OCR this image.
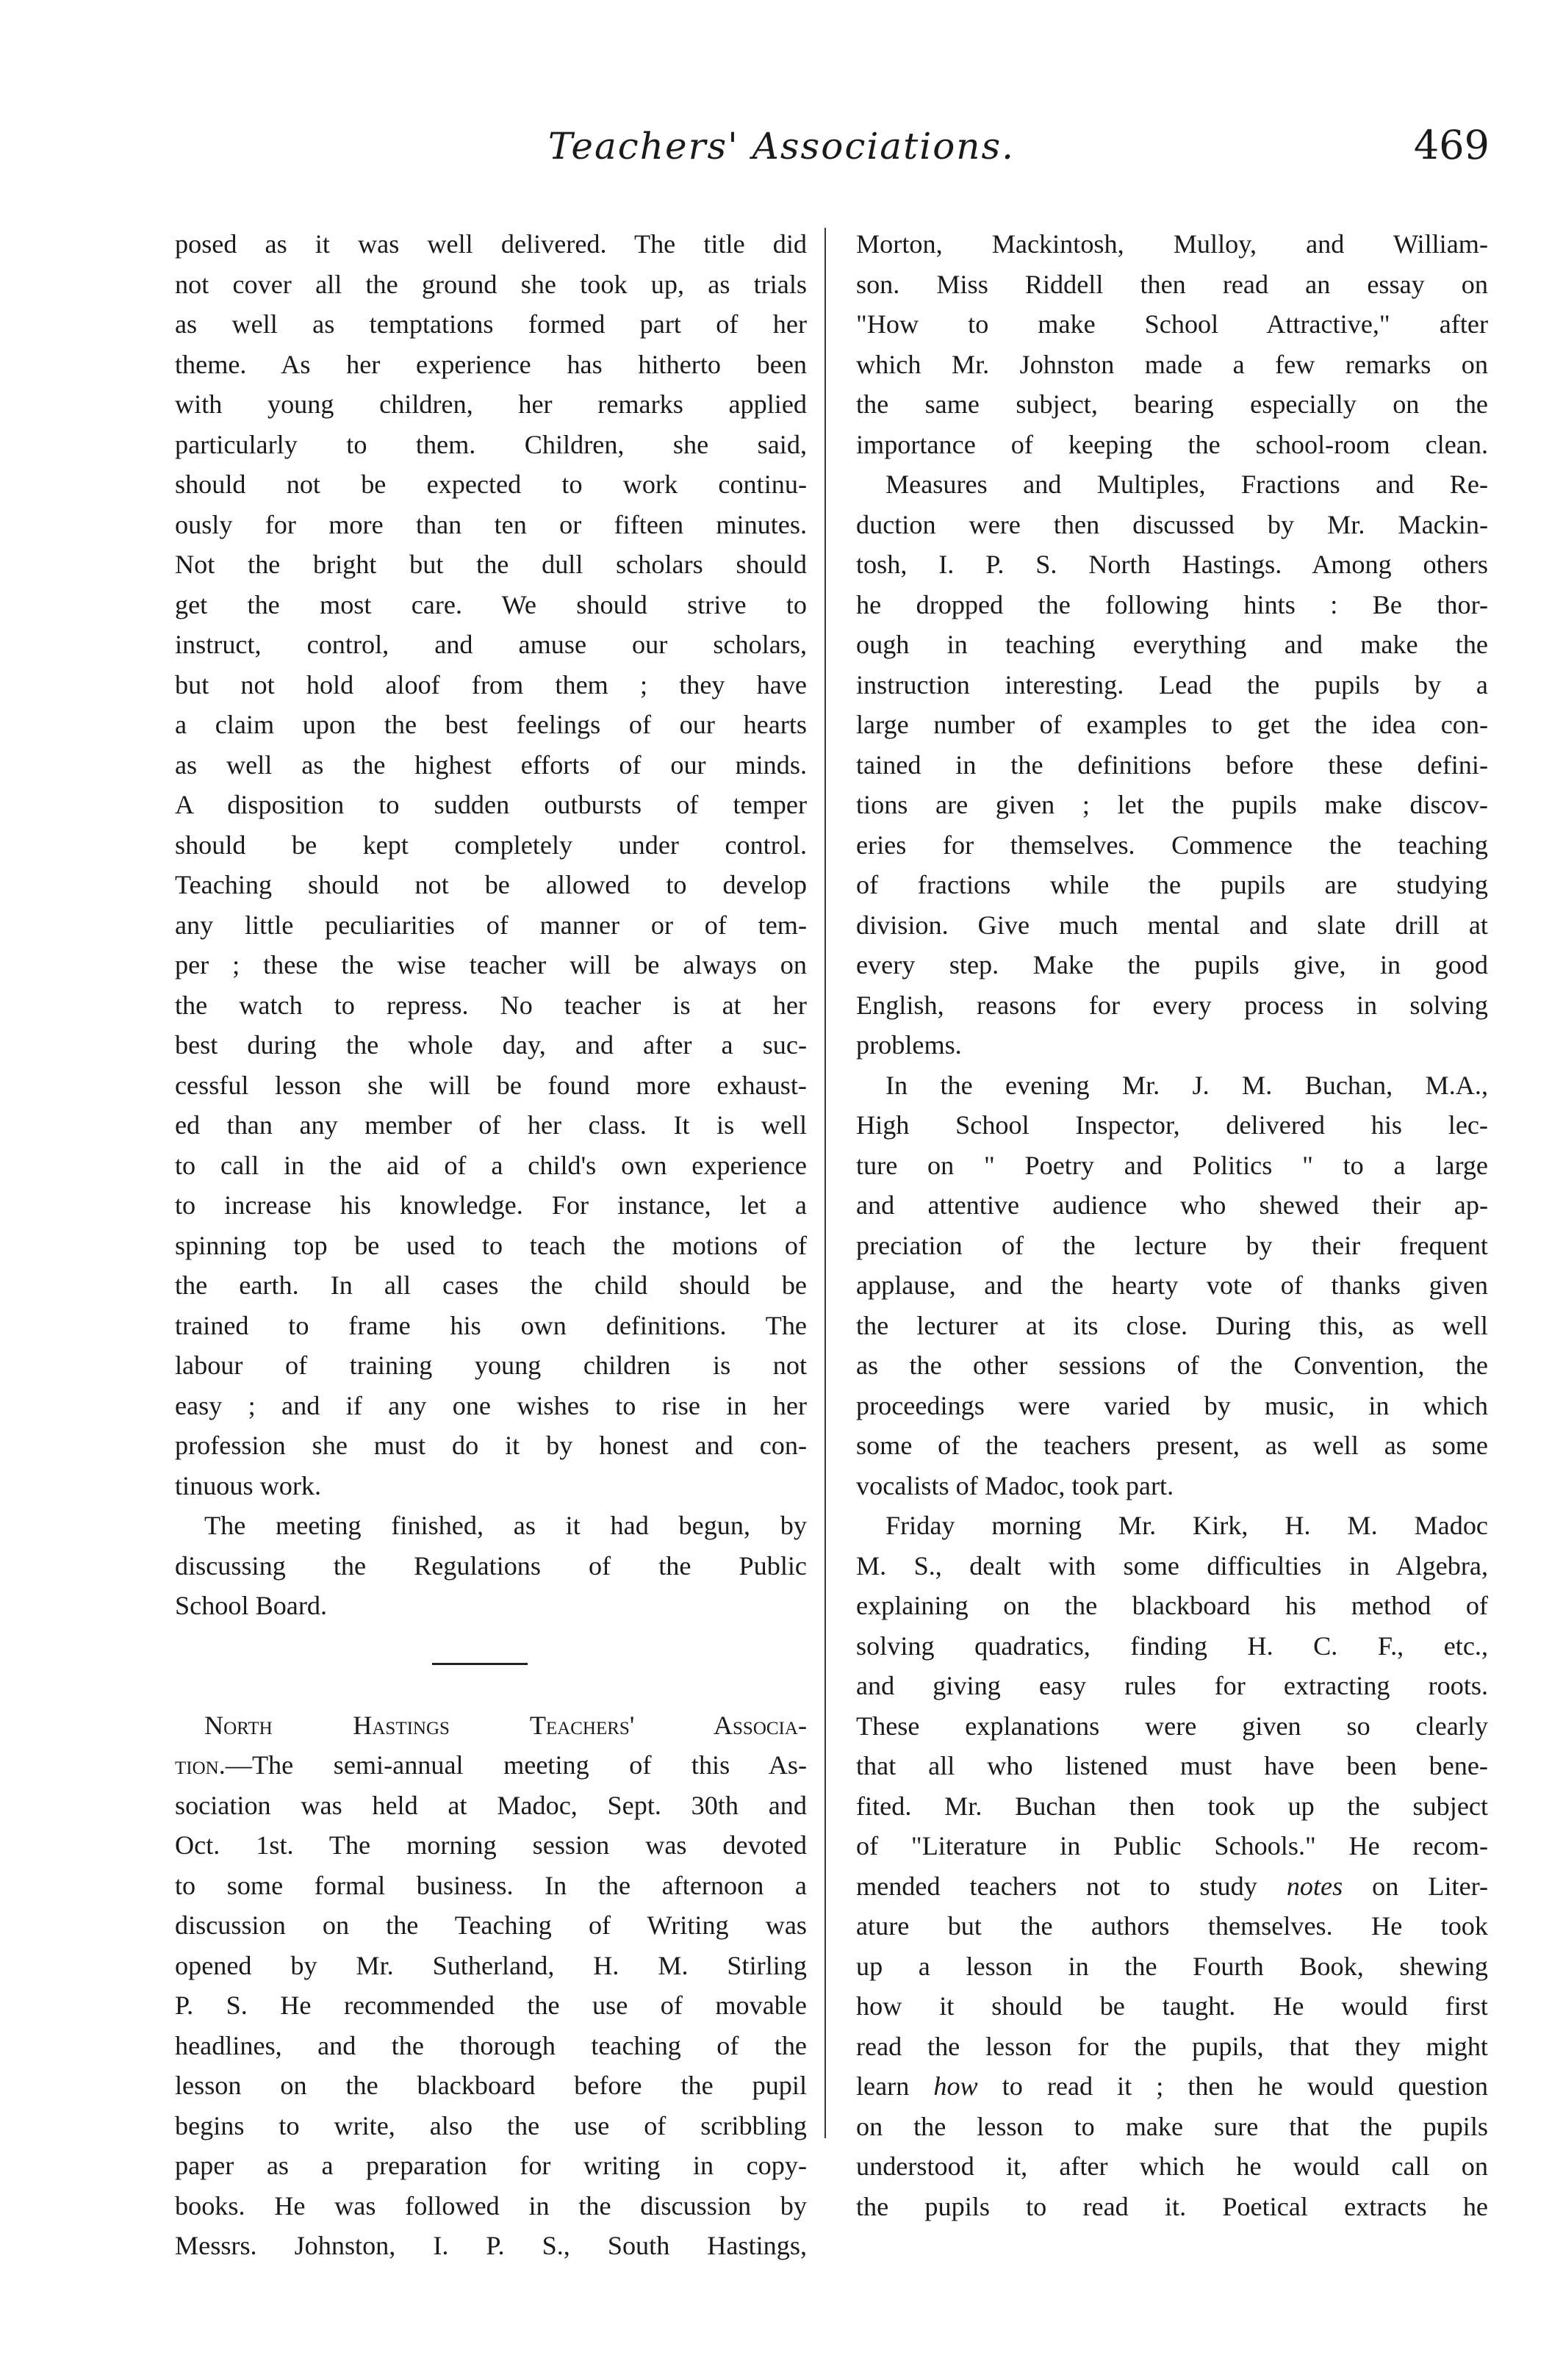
Teachers' Associations.	469
posed as it was well delivered. The title did
not cover all the ground she took up, as trials
as well as temptations formed part of her
theme. As her experience has hitherto been
with young children, her remarks applied
particularly to them. Children, she said,
should not be expected to work continu-
ously for more than ten or fifteen minutes.
Not the bright but the dull scholars should
get the most care. We should strive to
instruct, control, and amuse our scholars,
but not hold aloof from them ; they have
a claim upon the best feelings of our hearts
as well as the highest efforts of our minds.
A disposition to sudden outbursts of temper
should be kept completely under control.
Teaching should not be allowed to develop
any little peculiarities of manner or of tem-
per ; these the wise teacher will be always on
the watch to repress. No teacher is at her
best during the whole day, and after a suc-
cessful lesson she will be found more exhaust-
ed than any member of her class. It is well
to call in the aid of a child's own experience
to increase his knowledge. For instance, let a
spinning top be used to teach the motions of
the earth. In all cases the child should be
trained to frame his own definitions. The
labour of training young children is not
easy ; and if any one wishes to rise in her
profession she must do it by honest and con-
tinuous work.
The meeting finished, as it had begun, by
discussing the Regulations of the Public
School Board.
North Hastings Teachers' Associa-
tion.—The semi-annual meeting of this As-
sociation was held at Madoc, Sept. 30th and
Oct. 1st. The morning session was devoted
to some formal business. In the afternoon a
discussion on the Teaching of Writing was
opened by Mr. Sutherland, H. M. Stirling
P. S. He recommended the use of movable
headlines, and the thorough teaching of the
lesson on the blackboard before the pupil
begins to write, also the use of scribbling
paper as a preparation for writing in copy-
books. He was followed in the discussion by
Messrs. Johnston, I. P. S., South Hastings,
Morton, Mackintosh, Mulloy, and William-
son. Miss Riddell then read an essay on
"How to make School Attractive," after
which Mr. Johnston made a few remarks on
the same subject, bearing especially on the
importance of keeping the school-room clean.
Measures and Multiples, Fractions and Re-
duction were then discussed by Mr. Mackin-
tosh, I. P. S. North Hastings. Among others
he dropped the following hints : Be thor-
ough in teaching everything and make the
instruction interesting. Lead the pupils by a
large number of examples to get the idea con-
tained in the definitions before these defini-
tions are given ; let the pupils make discov-
eries for themselves. Commence the teaching
of fractions while the pupils are studying
division. Give much mental and slate drill at
every step. Make the pupils give, in good
English, reasons for every process in solving
problems.
In the evening Mr. J. M. Buchan, M.A.,
High School Inspector, delivered his lec-
ture on " Poetry and Politics " to a large
and attentive audience who shewed their ap-
preciation of the lecture by their frequent
applause, and the hearty vote of thanks given
the lecturer at its close. During this, as well
as the other sessions of the Convention, the
proceedings were varied by music, in which
some of the teachers present, as well as some
vocalists of Madoc, took part.
Friday morning Mr. Kirk, H. M. Madoc
M. S., dealt with some difficulties in Algebra,
explaining on the blackboard his method of
solving quadratics, finding H. C. F., etc.,
and giving easy rules for extracting roots.
These explanations were given so clearly
that all who listened must have been bene-
fited. Mr. Buchan then took up the subject
of "Literature in Public Schools." He recom-
mended teachers not to study notes on Liter-
ature but the authors themselves. He took
up a lesson in the Fourth Book, shewing
how it should be taught. He would first
read the lesson for the pupils, that they might
learn how to read it ; then he would question
on the lesson to make sure that the pupils
understood it, after which he would call on
the pupils to read it. Poetical extracts he
